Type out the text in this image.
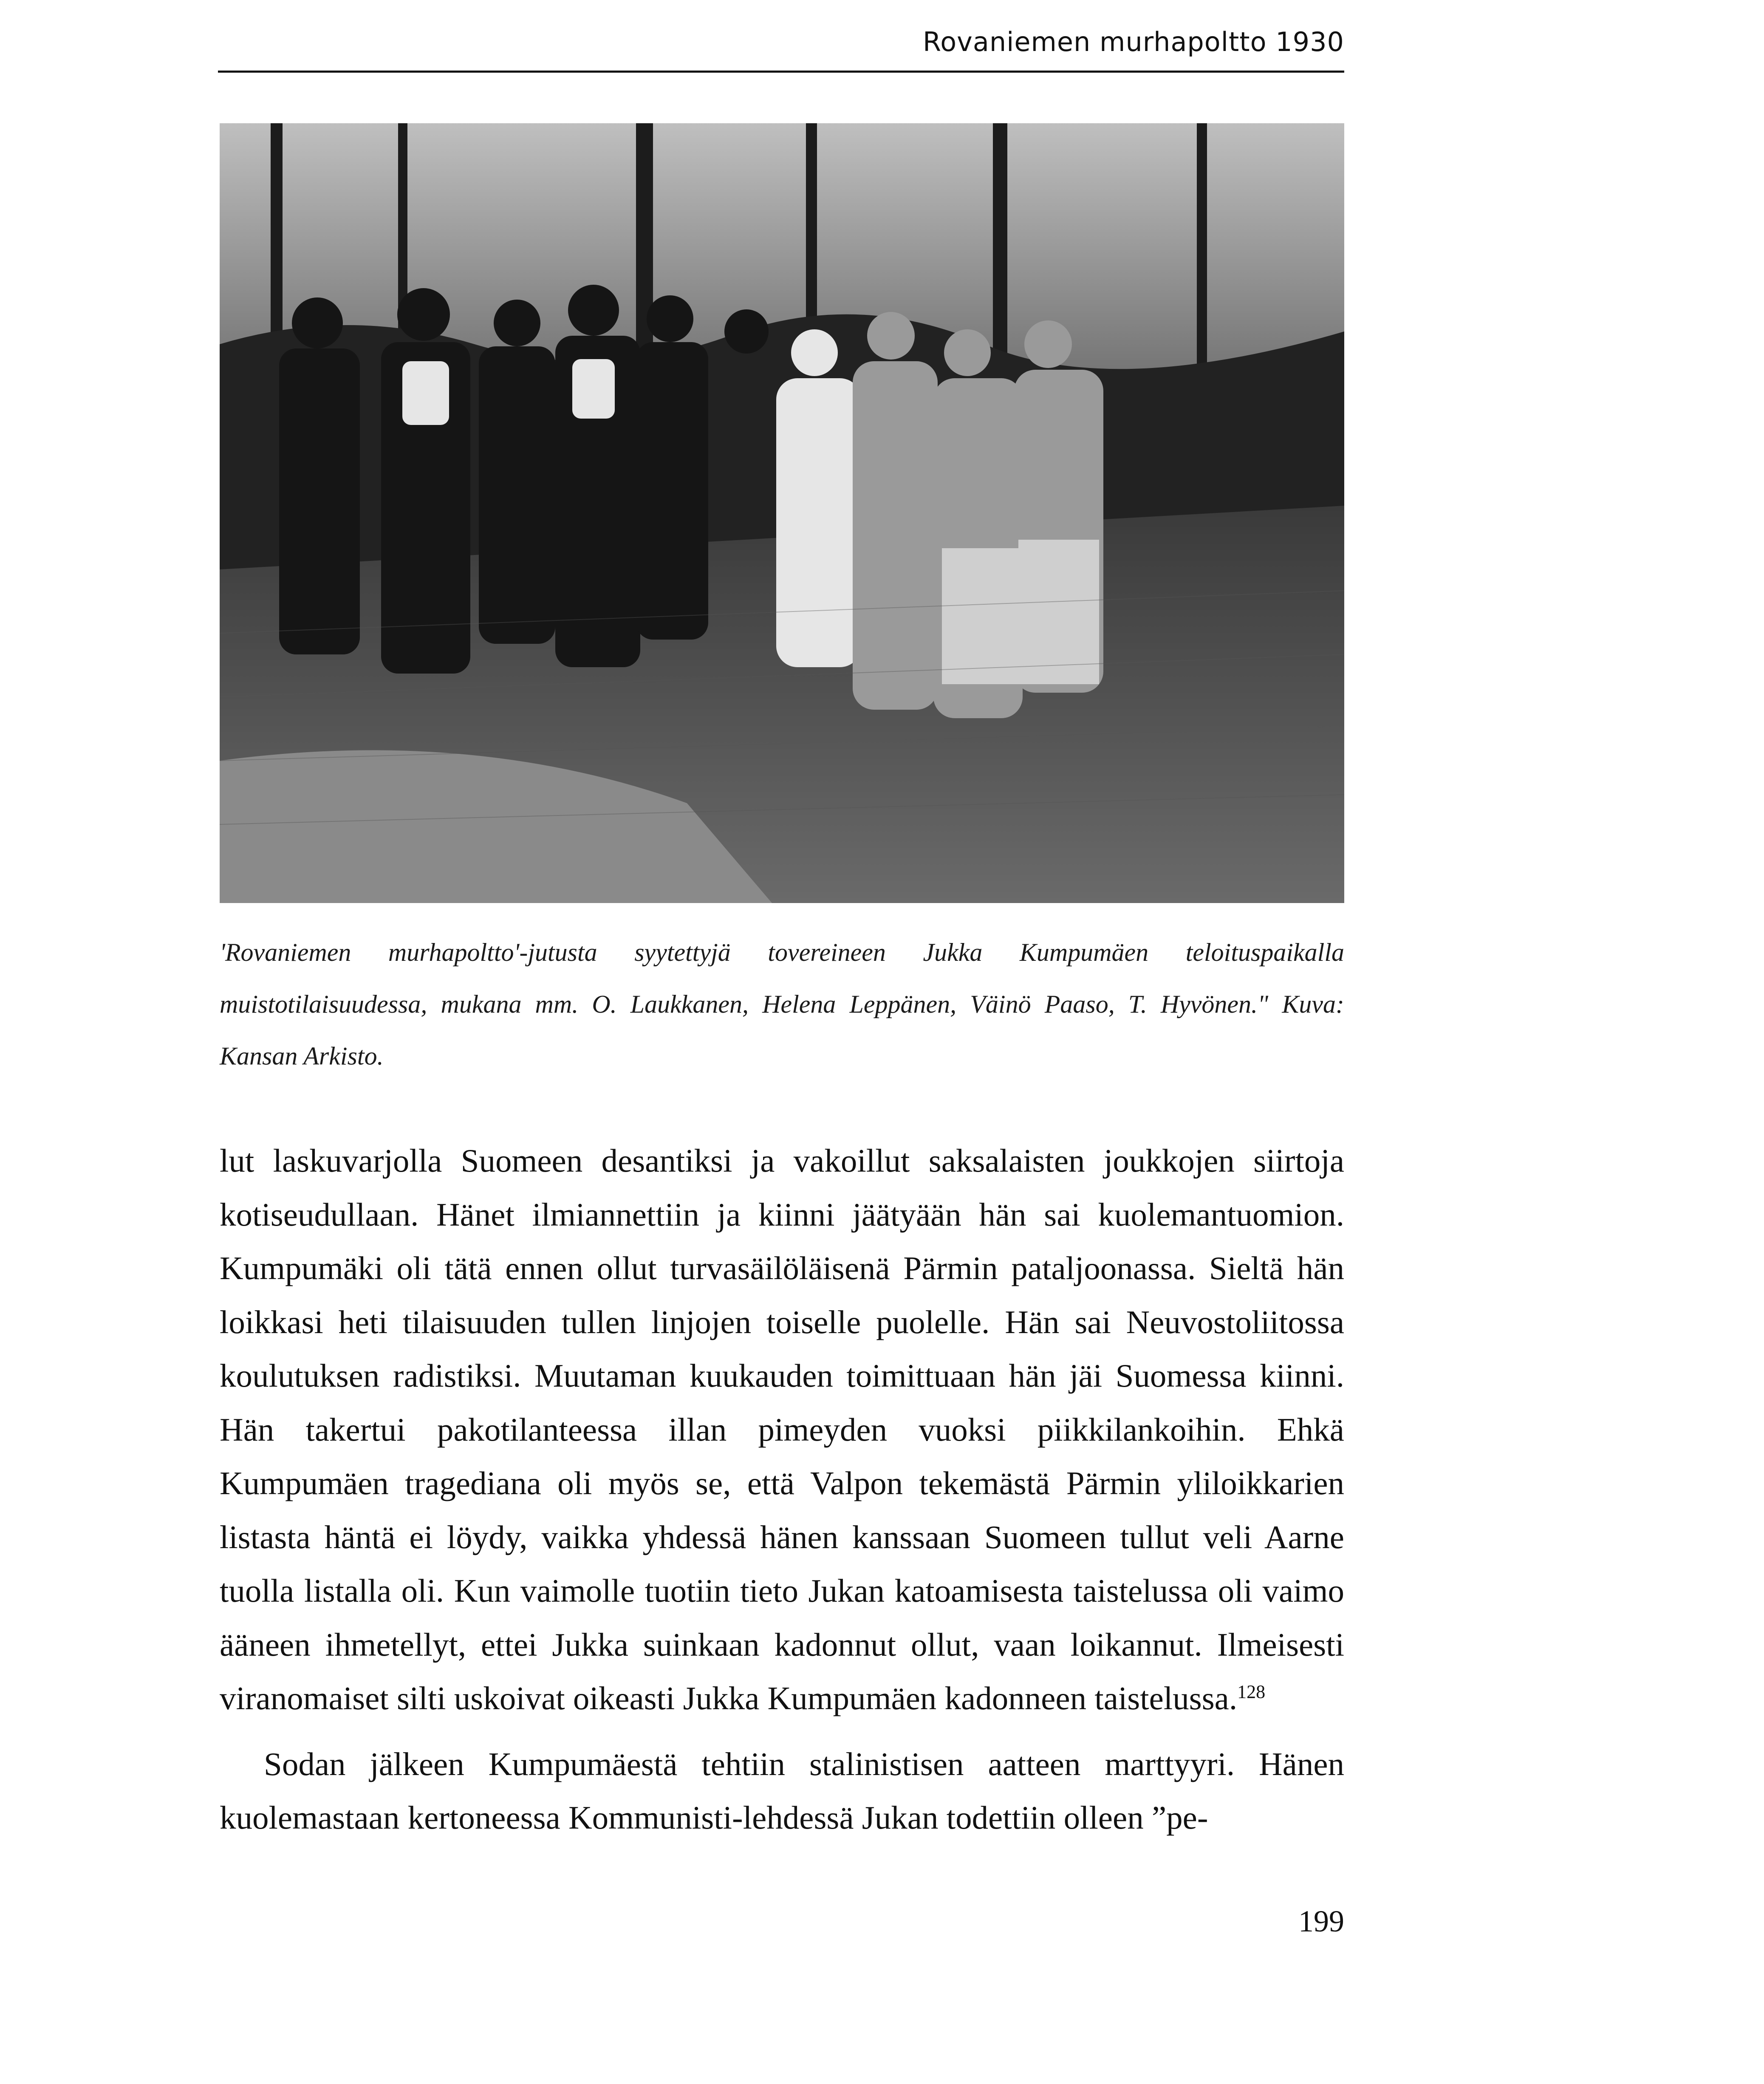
Rovaniemen murhapoltto 1930

'Rovaniemen murhapoltto'-jutusta syytettyjä tovereineen Jukka Kumpumäen teloituspaikalla muistotilaisuudessa, mukana mm. O. Laukkanen, Helena Leppänen, Väinö Paaso, T. Hyvönen." Kuva: Kansan Arkisto.

lut laskuvarjolla Suomeen desantiksi ja vakoillut saksalaisten joukkojen siirtoja kotiseudullaan. Hänet ilmiannettiin ja kiinni jäätyään hän sai kuolemantuomion. Kumpumäki oli tätä ennen ollut turvasäilöläisenä Pärmin pataljoonassa. Sieltä hän loikkasi heti tilaisuuden tullen linjojen toiselle puolelle. Hän sai Neuvostoliitossa koulutuksen radistiksi. Muutaman kuukauden toimittuaan hän jäi Suomessa kiinni. Hän takertui pakotilanteessa illan pimeyden vuoksi piikkilankoihin. Ehkä Kumpumäen tragediana oli myös se, että Valpon tekemästä Pärmin yliloikkarien listasta häntä ei löydy, vaikka yhdessä hänen kanssaan Suomeen tullut veli Aarne tuolla listalla oli. Kun vaimolle tuotiin tieto Jukan katoamisesta taistelussa oli vaimo ääneen ihmetellyt, ettei Jukka suinkaan kadonnut ollut, vaan loikannut. Ilmeisesti viranomaiset silti uskoivat oikeasti Jukka Kumpumäen kadonneen taistelussa.$^{128}$

Sodan jälkeen Kumpumäestä tehtiin stalinistisen aatteen marttyyri. Hänen kuolemastaan kertoneessa Kommunisti-lehdessä Jukan todettiin olleen ”pe-

199
